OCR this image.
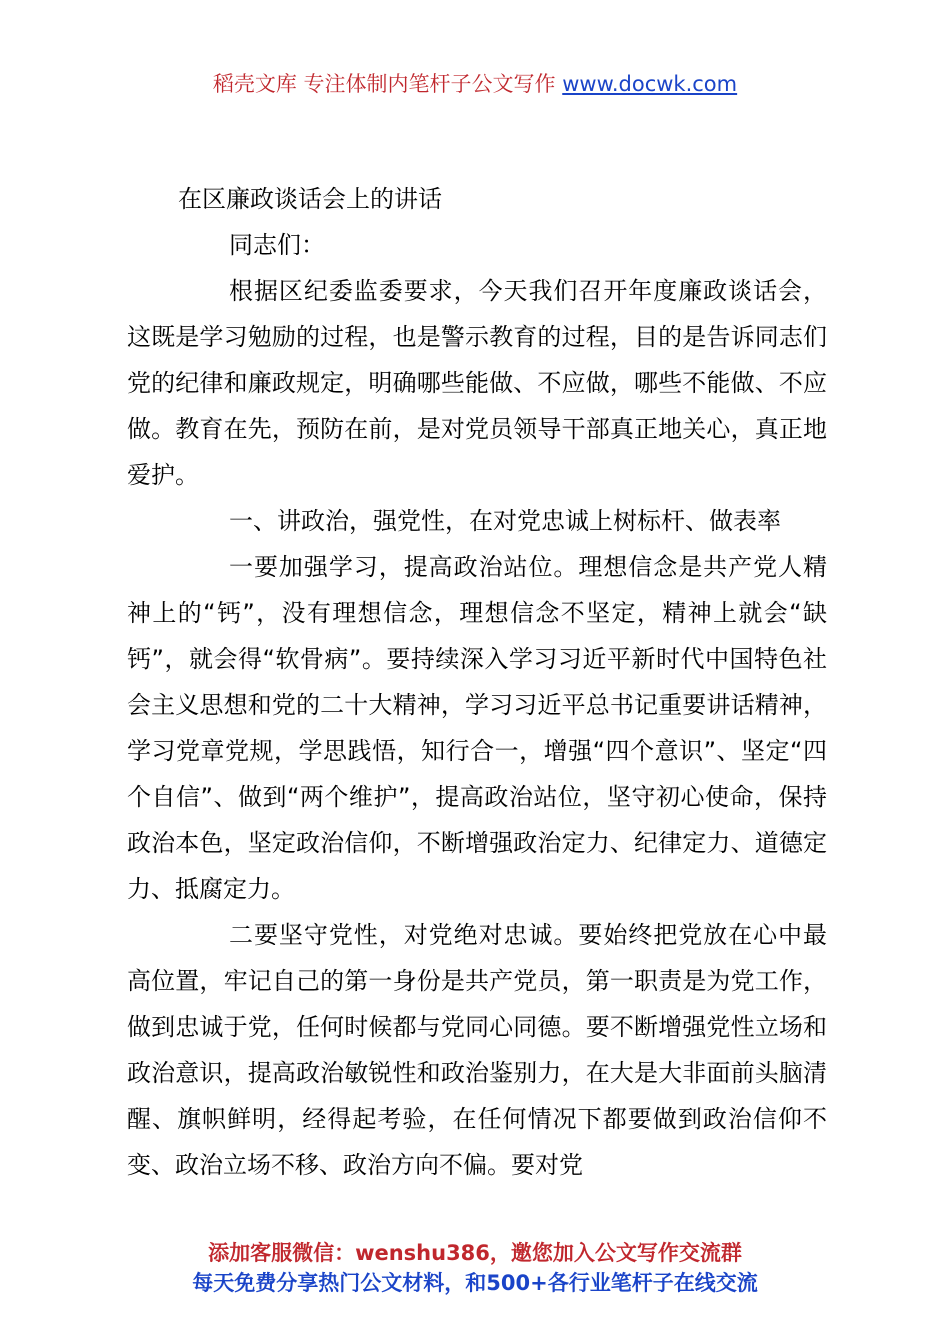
稻壳文库 专注体制内笔杆子公文写作 www.docwk.com

在区廉政谈话会上的讲话

同志们：

根据区纪委监委要求，今天我们召开年度廉政谈话会，这既是学习勉励的过程，也是警示教育的过程，目的是告诉同志们党的纪律和廉政规定，明确哪些能做、不应做，哪些不能做、不应做。教育在先，预防在前，是对党员领导干部真正地关心，真正地爱护。

一、讲政治，强党性，在对党忠诚上树标杆、做表率

一要加强学习，提高政治站位。理想信念是共产党人精神上的“钙”，没有理想信念，理想信念不坚定，精神上就会“缺钙”，就会得“软骨病”。要持续深入学习习近平新时代中国特色社会主义思想和党的二十大精神，学习习近平总书记重要讲话精神，学习党章党规，学思践悟，知行合一，增强“四个意识”、坚定“四个自信”、做到“两个维护”，提高政治站位，坚守初心使命，保持政治本色，坚定政治信仰，不断增强政治定力、纪律定力、道德定力、抵腐定力。

二要坚守党性，对党绝对忠诚。要始终把党放在心中最高位置，牢记自己的第一身份是共产党员，第一职责是为党工作，做到忠诚于党，任何时候都与党同心同德。要不断增强党性立场和政治意识，提高政治敏锐性和政治鉴别力，在大是大非面前头脑清醒、旗帜鲜明，经得起考验，在任何情况下都要做到政治信仰不变、政治立场不移、政治方向不偏。要对党

添加客服微信：wenshu386，邀您加入公文写作交流群
每天免费分享热门公文材料，和500+各行业笔杆子在线交流
